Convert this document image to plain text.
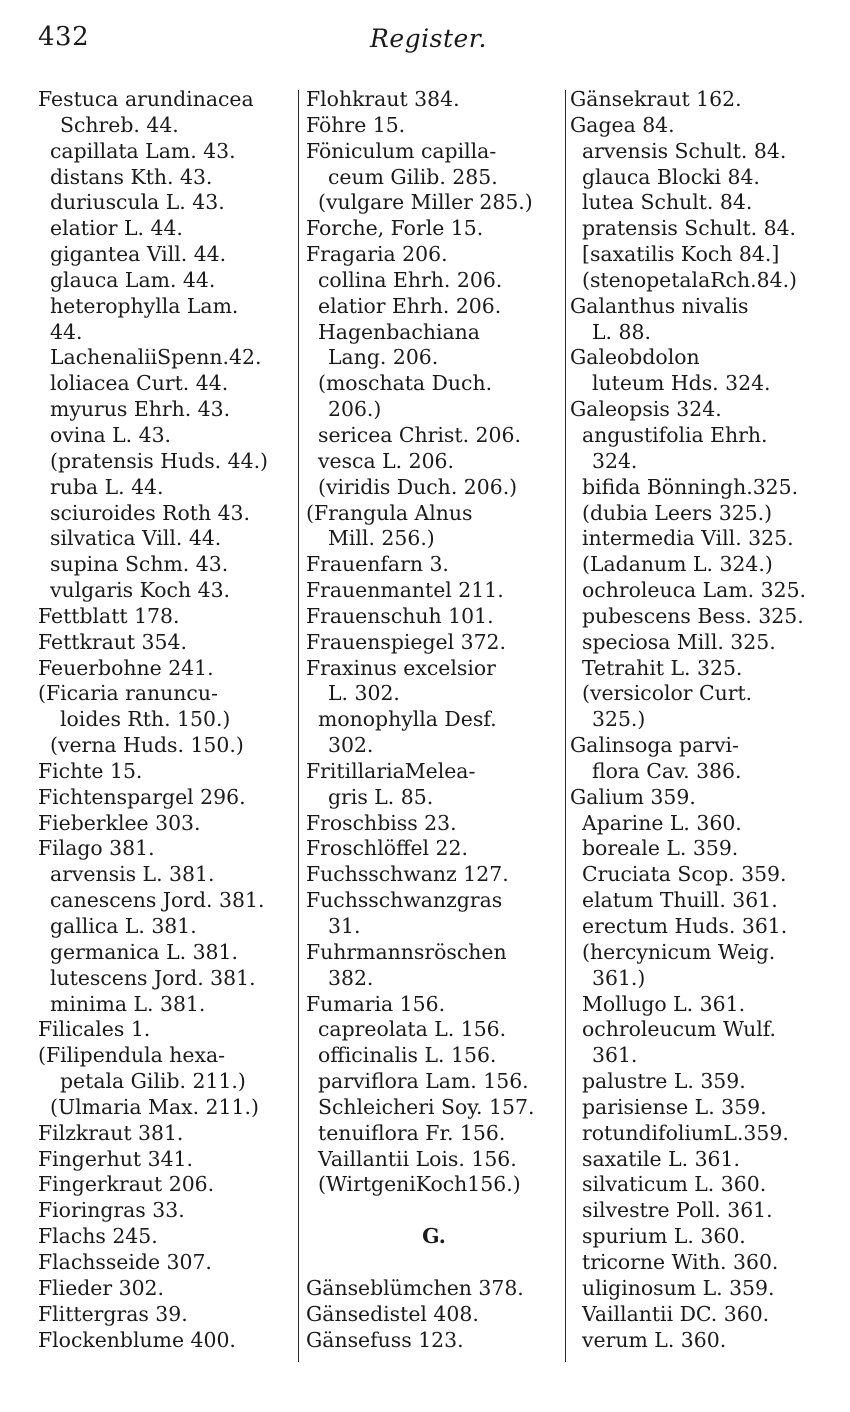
432	Register.
Festuca arundinacea
Schreb. 44.
capillata Lam. 43.
distans Kth. 43.
duriuscula L. 43.
elatior L. 44.
gigantea Vill. 44.
glauca Lam. 44.
heterophylla Lam.
44.
LachenaliiSpenn.42.
loliacea Curt. 44.
myurus Ehrh. 43.
ovina L. 43.
(pratensis Huds. 44.)
ruba L. 44.
sciuroides Roth 43.
silvatica Vill. 44.
supina Schm. 43.
vulgaris Koch 43.
Fettblatt 178.
Fettkraut 354.
Feuerbohne 241.
(Ficaria ranuncu-
loides Rth. 150.)
(verna Huds. 150.)
Fichte 15.
Fichtenspargel 296.
Fieberklee 303.
Filago 381.
arvensis L. 381.
canescens Jord. 381.
gallica L. 381.
germanica L. 381.
lutescens Jord. 381.
minima L. 381.
Filicales 1.
(Filipendula hexa-
petala Gilib. 211.)
(Ulmaria Max. 211.)
Filzkraut 381.
Fingerhut 341.
Fingerkraut 206.
Fioringras 33.
Flachs 245.
Flachsseide 307.
Flieder 302.
Flittergras 39.
Flockenblume 400.
Flohkraut 384.
Föhre 15.
Föniculum capilla-
ceum Gilib. 285.
(vulgare Miller 285.)
Forche, Forle 15.
Fragaria 206.
collina Ehrh. 206.
elatior Ehrh. 206.
Hagenbachiana
Lang. 206.
(moschata Duch.
206.)
sericea Christ. 206.
vesca L. 206.
(viridis Duch. 206.)
(Frangula Alnus
Mill. 256.)
Frauenfarn 3.
Frauenmantel 211.
Frauenschuh 101.
Frauenspiegel 372.
Fraxinus excelsior
L. 302.
monophylla Desf.
302.
FritillariaMelea-
gris L. 85.
Froschbiss 23.
Froschlöffel 22.
Fuchsschwanz 127.
Fuchsschwanzgras
31.
Fuhrmannsröschen
382.
Fumaria 156.
capreolata L. 156.
officinalis L. 156.
parviflora Lam. 156.
Schleicheri Soy. 157.
tenuiflora Fr. 156.
Vaillantii Lois. 156.
(WirtgeniKoch156.)
G.
Gänseblümchen 378.
Gänsedistel 408.
Gänsefuss 123.
Gänsekraut 162.
Gagea 84.
arvensis Schult. 84.
glauca Blocki 84.
lutea Schult. 84.
pratensis Schult. 84.
[saxatilis Koch 84.]
(stenopetalaRch.84.)
Galanthus nivalis
L. 88.
Galeobdolon
luteum Hds. 324.
Galeopsis 324.
angustifolia Ehrh.
324.
bifida Bönningh.325.
(dubia Leers 325.)
intermedia Vill. 325.
(Ladanum L. 324.)
ochroleuca Lam. 325.
pubescens Bess. 325.
speciosa Mill. 325.
Tetrahit L. 325.
(versicolor Curt.
325.)
Galinsoga parvi-
flora Cav. 386.
Galium 359.
Aparine L. 360.
boreale L. 359.
Cruciata Scop. 359.
elatum Thuill. 361.
erectum Huds. 361.
(hercynicum Weig.
361.)
Mollugo L. 361.
ochroleucum Wulf.
361.
palustre L. 359.
parisiense L. 359.
rotundifoliumL.359.
saxatile L. 361.
silvaticum L. 360.
silvestre Poll. 361.
spurium L. 360.
tricorne With. 360.
uliginosum L. 359.
Vaillantii DC. 360.
verum L. 360.
